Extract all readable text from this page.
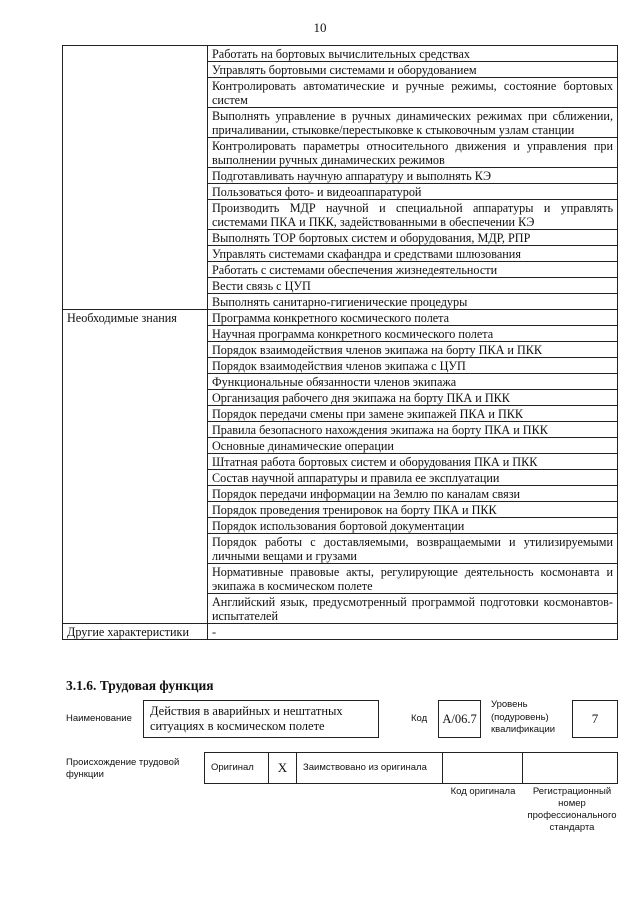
10
	Работать на бортовых вычислительных средствах
	Управлять бортовыми системами и оборудованием
	Контролировать автоматические и ручные режимы, состояние бортовых систем
	Выполнять управление в ручных динамических режимах при сближении, причаливании, стыковке/перестыковке к стыковочным узлам станции
	Контролировать параметры относительного движения и управления при выполнении ручных динамических режимов
	Подготавливать научную аппаратуру и выполнять КЭ
	Пользоваться фото- и видеоаппаратурой
	Производить МДР научной и специальной аппаратуры и управлять системами ПКА и ПКК, задействованными в обеспечении КЭ
	Выполнять ТОР бортовых систем и оборудования, МДР, РПР
	Управлять системами скафандра и средствами шлюзования
	Работать с системами обеспечения жизнедеятельности
	Вести связь с ЦУП
	Выполнять санитарно-гигиенические процедуры
Необходимые знания	Программа конкретного космического полета
	Научная программа конкретного космического полета
	Порядок взаимодействия членов экипажа на борту ПКА и ПКК
	Порядок взаимодействия членов экипажа с ЦУП
	Функциональные обязанности членов экипажа
	Организация рабочего дня экипажа на борту ПКА и ПКК
	Порядок передачи смены при замене экипажей ПКА и ПКК
	Правила безопасного нахождения экипажа на борту ПКА и ПКК
	Основные динамические операции
	Штатная работа бортовых систем и оборудования ПКА и ПКК
	Состав научной аппаратуры и правила ее эксплуатации
	Порядок передачи информации на Землю по каналам связи
	Порядок проведения тренировок на борту ПКА и ПКК
	Порядок использования бортовой документации
	Порядок работы с доставляемыми, возвращаемыми и утилизируемыми личными вещами и грузами
	Нормативные правовые акты, регулирующие деятельность космонавта и экипажа в космическом полете
	Английский язык, предусмотренный программой подготовки космонавтов-испытателей
Другие характеристики	-
3.1.6. Трудовая функция
Наименование
Действия в аварийных и нештатных ситуациях в космическом полете
Код	А/06.7
Уровень
(подуровень)
квалификации
7
Происхождение трудовой функции
Оригинал	X	Заимствовано из оригинала
Код оригинала	Регистрационный номер профессионального стандарта
